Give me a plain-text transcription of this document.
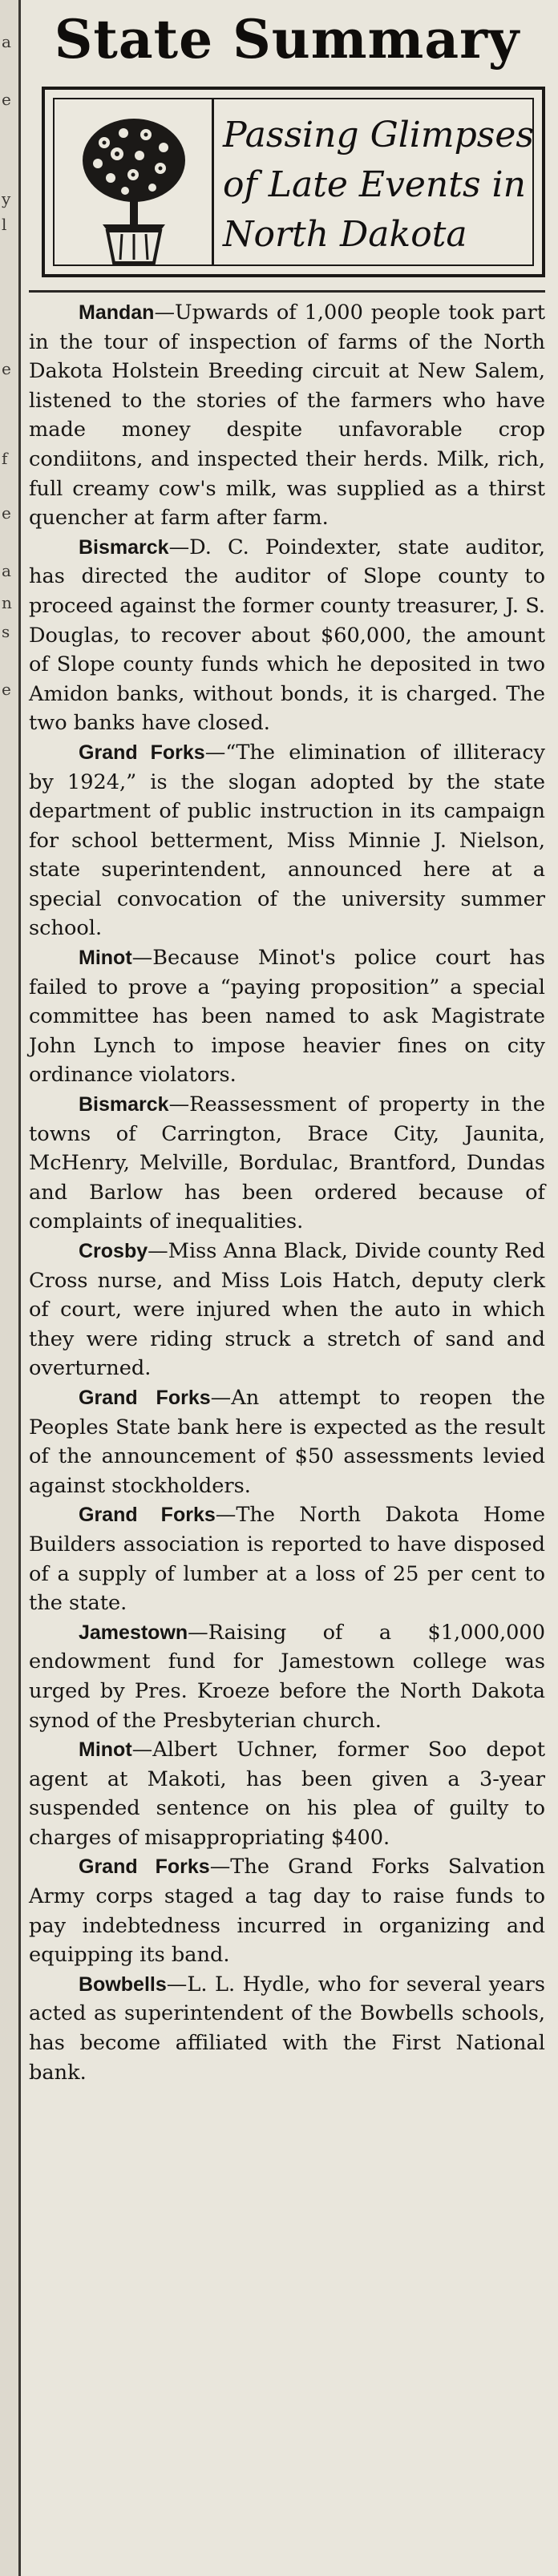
a
e
y
l
e
f
e
a
n
s
e
State Summary
Passing Glimpses
of Late Events in
North Dakota

Mandan—Upwards of 1,000 people took part in the tour of inspection of farms of the North Dakota Holstein Breeding circuit at New Salem, listened to the stories of the farmers who have made money despite unfavorable crop condiitons, and inspected their herds. Milk, rich, full creamy cow's milk, was supplied as a thirst quencher at farm after farm.

Bismarck—D. C. Poindexter, state auditor, has directed the auditor of Slope county to proceed against the former county treasurer, J. S. Douglas, to recover about $60,000, the amount of Slope county funds which he deposited in two Amidon banks, without bonds, it is charged. The two banks have closed.

Grand Forks—“The elimination of illiteracy by 1924,” is the slogan adopted by the state department of public instruction in its campaign for school betterment, Miss Minnie J. Nielson, state superintendent, announced here at a special convocation of the university summer school.

Minot—Because Minot's police court has failed to prove a “paying proposition” a special committee has been named to ask Magistrate John Lynch to impose heavier fines on city ordinance violators.

Bismarck—Reassessment of property in the towns of Carrington, Brace City, Jaunita, McHenry, Melville, Bordulac, Brantford, Dundas and Barlow has been ordered because of complaints of inequalities.

Crosby—Miss Anna Black, Divide county Red Cross nurse, and Miss Lois Hatch, deputy clerk of court, were injured when the auto in which they were riding struck a stretch of sand and overturned.

Grand Forks—An attempt to reopen the Peoples State bank here is expected as the result of the announcement of $50 assessments levied against stockholders.

Grand Forks—The North Dakota Home Builders association is reported to have disposed of a supply of lumber at a loss of 25 per cent to the state.

Jamestown—Raising of a $1,000,000 endowment fund for Jamestown college was urged by Pres. Kroeze before the North Dakota synod of the Presbyterian church.

Minot—Albert Uchner, former Soo depot agent at Makoti, has been given a 3-year suspended sentence on his plea of guilty to charges of misappropriating $400.

Grand Forks—The Grand Forks Salvation Army corps staged a tag day to raise funds to pay indebtedness incurred in organizing and equipping its band.

Bowbells—L. L. Hydle, who for several years acted as superintendent of the Bowbells schools, has become affiliated with the First National bank.
